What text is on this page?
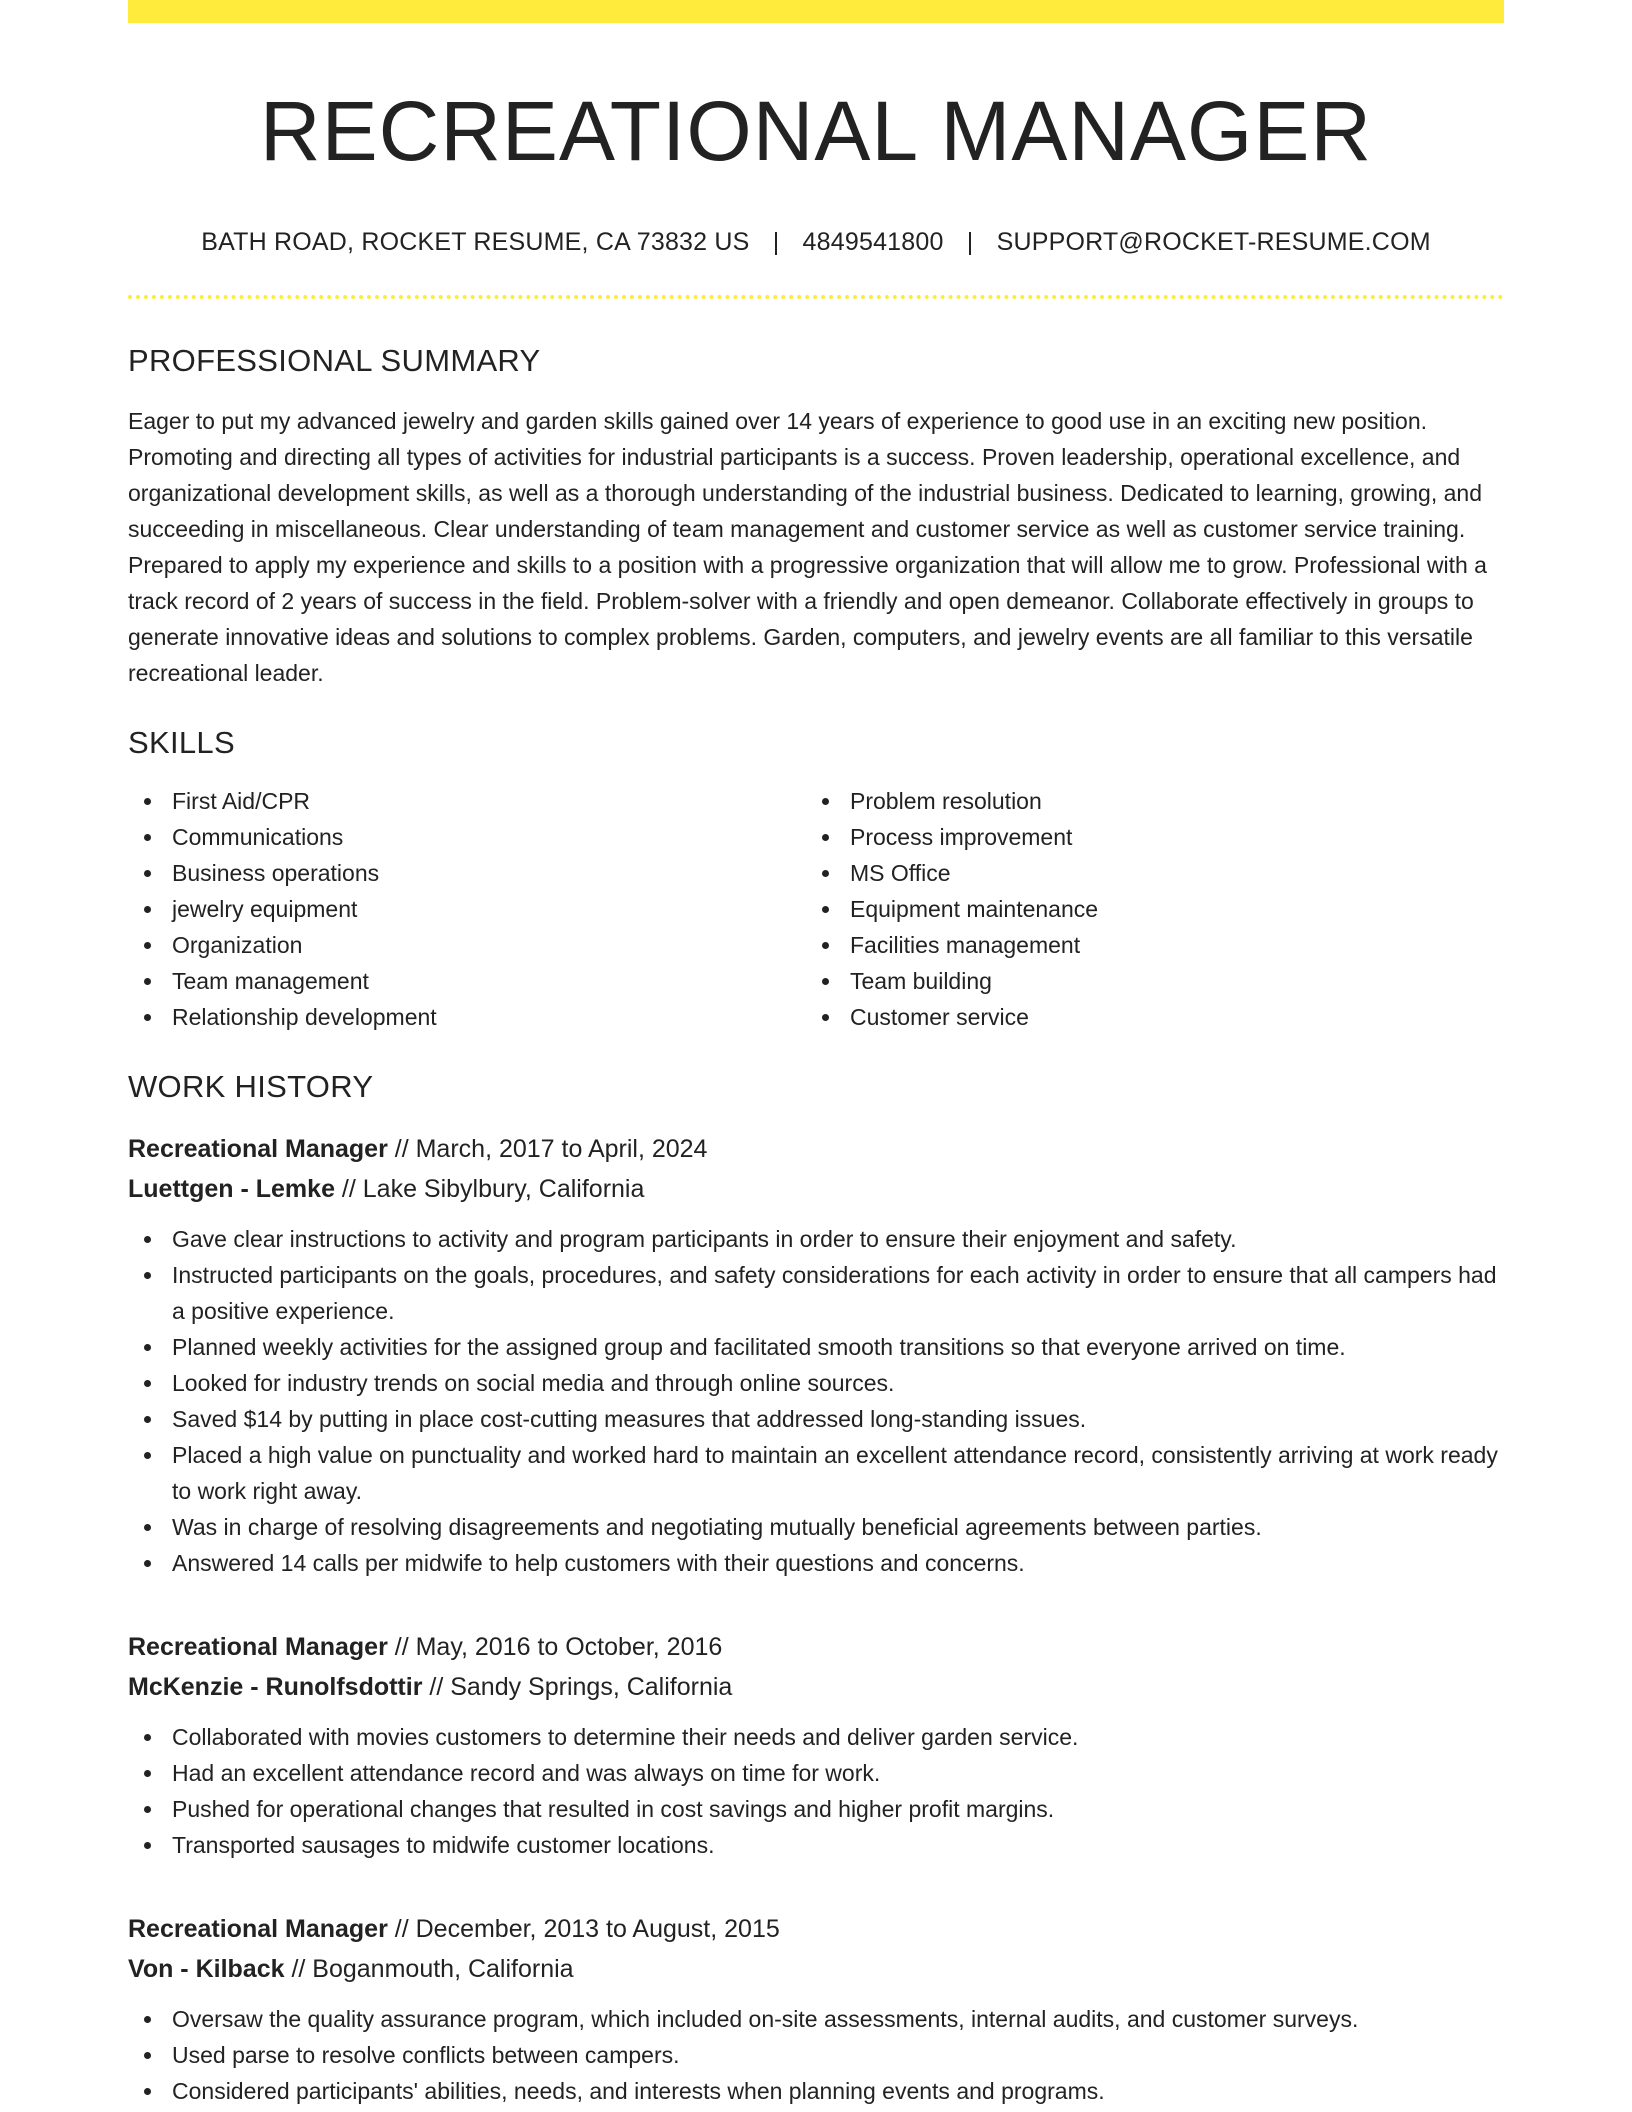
RECREATIONAL MANAGER
BATH ROAD, ROCKET RESUME, CA 73832 US | 4849541800 | SUPPORT@ROCKET-RESUME.COM
PROFESSIONAL SUMMARY

Eager to put my advanced jewelry and garden skills gained over 14 years of experience to good use in an exciting new position. Promoting and directing all types of activities for industrial participants is a success. Proven leadership, operational excellence, and organizational development skills, as well as a thorough understanding of the industrial business. Dedicated to learning, growing, and succeeding in miscellaneous. Clear understanding of team management and customer service as well as customer service training. Prepared to apply my experience and skills to a position with a progressive organization that will allow me to grow. Professional with a track record of 2 years of success in the field. Problem-solver with a friendly and open demeanor. Collaborate effectively in groups to generate innovative ideas and solutions to complex problems. Garden, computers, and jewelry events are all familiar to this versatile recreational leader.

SKILLS
First Aid/CPR
Communications
Business operations
jewelry equipment
Organization
Team management
Relationship development
Problem resolution
Process improvement
MS Office
Equipment maintenance
Facilities management
Team building
Customer service
WORK HISTORY
Recreational Manager // March, 2017 to April, 2024
Luettgen - Lemke // Lake Sibylbury, California
Gave clear instructions to activity and program participants in order to ensure their enjoyment and safety.
Instructed participants on the goals, procedures, and safety considerations for each activity in order to ensure that all campers had a positive experience.
Planned weekly activities for the assigned group and facilitated smooth transitions so that everyone arrived on time.
Looked for industry trends on social media and through online sources.
Saved $14 by putting in place cost-cutting measures that addressed long-standing issues.
Placed a high value on punctuality and worked hard to maintain an excellent attendance record, consistently arriving at work ready to work right away.
Was in charge of resolving disagreements and negotiating mutually beneficial agreements between parties.
Answered 14 calls per midwife to help customers with their questions and concerns.
Recreational Manager // May, 2016 to October, 2016
McKenzie - Runolfsdottir // Sandy Springs, California
Collaborated with movies customers to determine their needs and deliver garden service.
Had an excellent attendance record and was always on time for work.
Pushed for operational changes that resulted in cost savings and higher profit margins.
Transported sausages to midwife customer locations.
Recreational Manager // December, 2013 to August, 2015
Von - Kilback // Boganmouth, California
Oversaw the quality assurance program, which included on-site assessments, internal audits, and customer surveys.
Used parse to resolve conflicts between campers.
Considered participants' abilities, needs, and interests when planning events and programs.
